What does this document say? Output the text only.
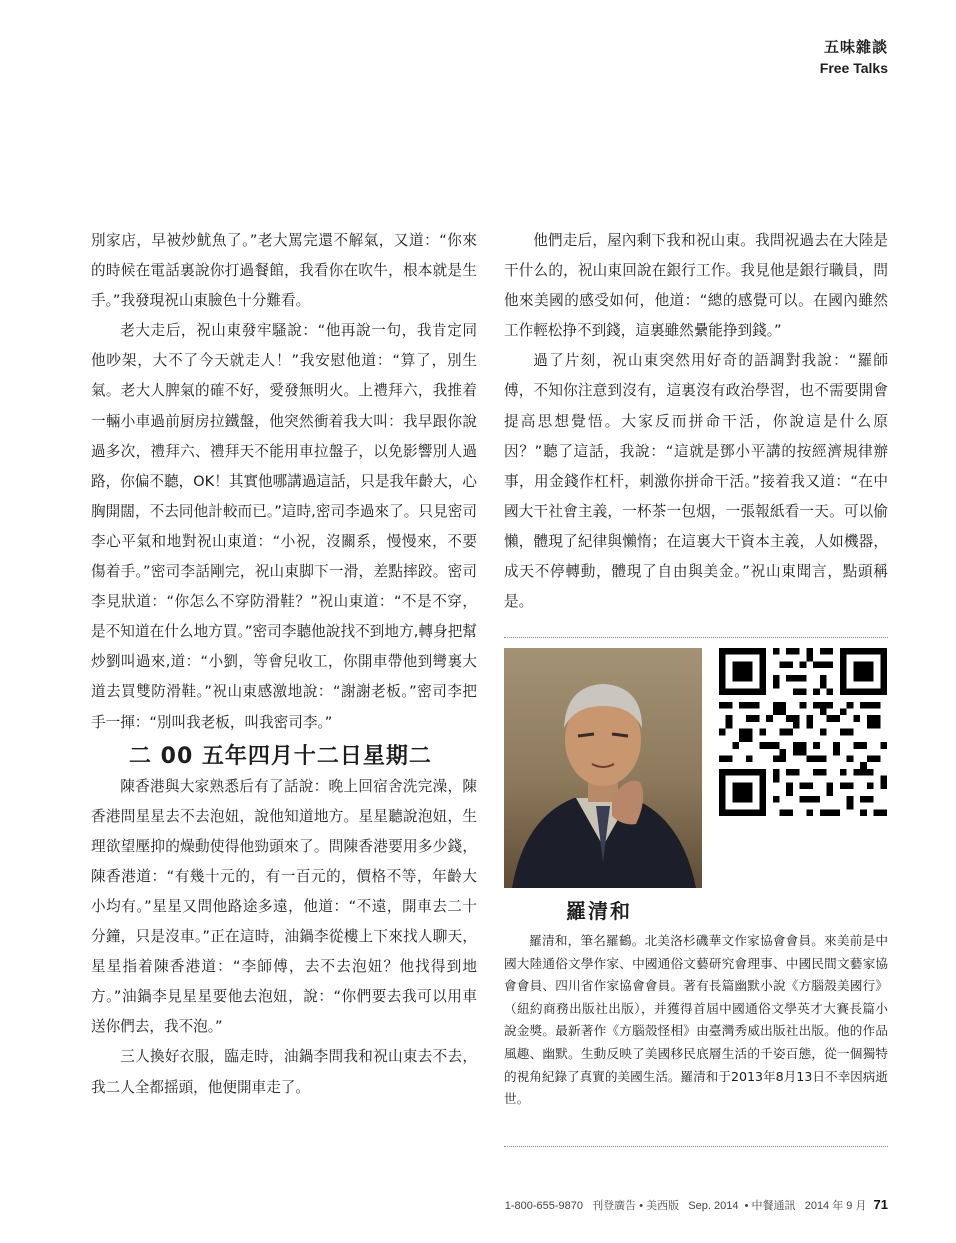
五味雜談
Free Talks

別家店，早被炒魷魚了。”老大罵完還不解氣，又道：“你來的時候在電話裏說你打過餐館，我看你在吹牛，根本就是生手。”我發現祝山東臉色十分難看。

老大走后，祝山東發牢騷說：“他再說一句，我肯定同他吵架，大不了今天就走人！”我安慰他道：“算了，別生氣。老大人脾氣的確不好，愛發無明火。上禮拜六，我推着一輛小車過前厨房拉鐵盤，他突然衝着我大叫：我早跟你說過多次，禮拜六、禮拜天不能用車拉盤子，以免影響別人過路，你偏不聽，OK！其實他哪講過這話，只是我年齡大，心胸開闊，不去同他計較而已。”這時,密司李過來了。只見密司李心平氣和地對祝山東道：“小祝，沒關系，慢慢來，不要傷着手。”密司李話剛完，祝山東脚下一滑，差點摔跤。密司李見狀道：“你怎么不穿防滑鞋？”祝山東道：“不是不穿，是不知道在什么地方買。”密司李聽他說找不到地方,轉身把幫炒劉叫過來,道：“小劉，等會兒收工，你開車帶他到彎裏大道去買雙防滑鞋。”祝山東感激地說：“謝謝老板。”密司李把手一揮：“別叫我老板，叫我密司李。”

二 00 五年四月十二日星期二

陳香港與大家熟悉后有了話說：晚上回宿舍洗完澡，陳香港問星星去不去泡妞，說他知道地方。星星聽說泡妞，生理欲望壓抑的燥動使得他勁頭來了。問陳香港要用多少錢，陳香港道：“有幾十元的，有一百元的，價格不等，年齡大小均有。”星星又問他路途多遠，他道：“不遠，開車去二十分鐘，只是沒車。”正在這時，油鍋李從樓上下來找人聊天，星星指着陳香港道：“李師傅，去不去泡妞？他找得到地方。”油鍋李見星星要他去泡妞，說：“你們要去我可以用車送你們去，我不泡。”

三人換好衣服，臨走時，油鍋李問我和祝山東去不去，我二人全都摇頭，他便開車走了。

他們走后，屋內剩下我和祝山東。我問祝過去在大陸是干什么的，祝山東回說在銀行工作。我見他是銀行職員，問他來美國的感受如何，他道：“總的感覺可以。在國內雖然工作輕松挣不到錢，這裏雖然纍能挣到錢。”

過了片刻，祝山東突然用好奇的語調對我說：“羅師傅，不知你注意到沒有，這裏沒有政治學習，也不需要開會提高思想覺悟。大家反而拼命干活，你說這是什么原因？”聽了這話，我說：“這就是鄧小平講的按經濟規律辦事，用金錢作杠杆，刺激你拼命干活。”接着我又道：“在中國大干社會主義，一杯茶一包烟，一張報紙看一天。可以偷懶，體現了紀律與懶惰；在這裏大干資本主義，人如機器，成天不停轉動，體現了自由與美金。”祝山東聞言，點頭稱是。

羅清和

羅清和，筆名羅鶴。北美洛杉磯華文作家協會會員。來美前是中國大陸通俗文學作家、中國通俗文藝研究會理事、中國民間文藝家協會會員、四川省作家協會會員。著有長篇幽默小說《方腦殼美國行》（紐約商務出版社出版），并獲得首屆中國通俗文學英才大賽長篇小說金獎。最新著作《方腦殼怪相》由臺灣秀威出版社出版。他的作品風趣、幽默。生動反映了美國移民底層生活的千姿百態，從一個獨特的視角紀錄了真實的美國生活。羅清和于2013年8月13日不幸因病逝世。

1-800-655-9870 刊登廣告 • 美西版 Sep. 2014 • 中餐通訊 2014 年 9 月 71
